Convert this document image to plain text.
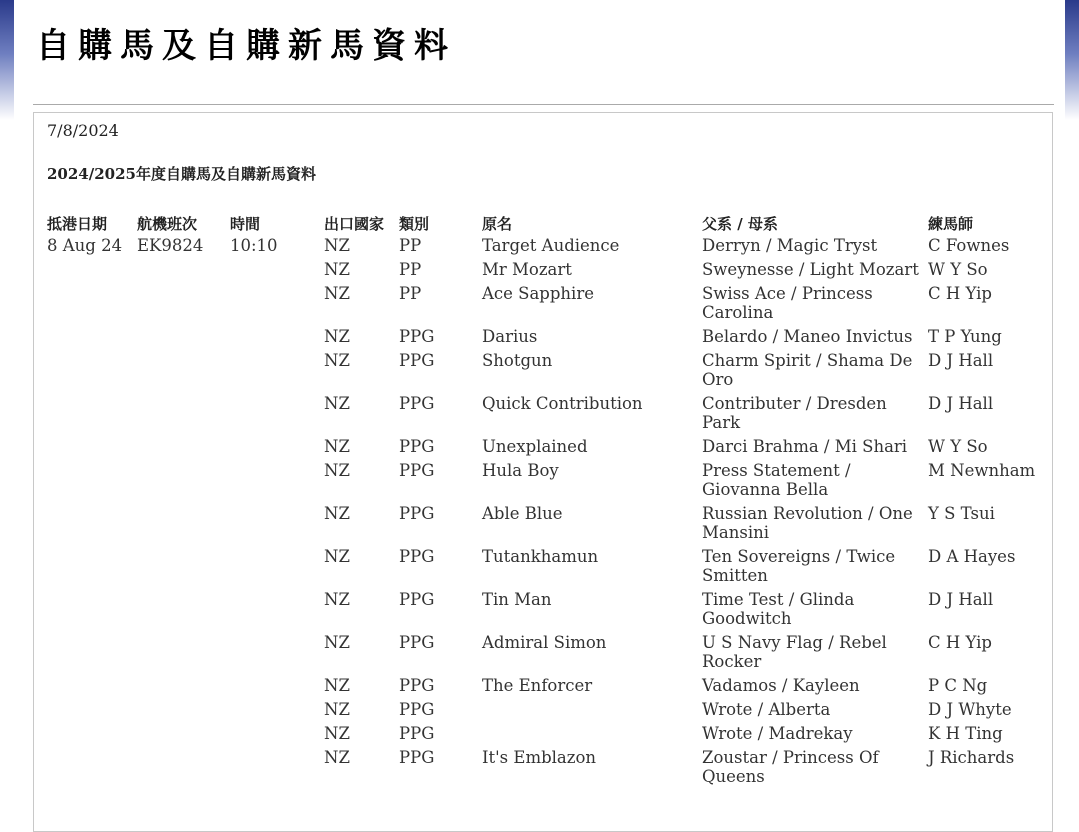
自購馬及自購新馬資料
7/8/2024
2024/2025年度自購馬及自購新馬資料
抵港日期	航機班次	時間	出口國家	類別	原名	父系 / 母系	練馬師
8 Aug 24	EK9824	10:10	NZ	PP	Target Audience	Derryn / Magic Tryst	C Fownes
			NZ	PP	Mr Mozart	Sweynesse / Light Mozart	W Y So
			NZ	PP	Ace Sapphire	Swiss Ace / Princess Carolina	C H Yip
			NZ	PPG	Darius	Belardo / Maneo Invictus	T P Yung
			NZ	PPG	Shotgun	Charm Spirit / Shama De Oro	D J Hall
			NZ	PPG	Quick Contribution	Contributer / Dresden Park	D J Hall
			NZ	PPG	Unexplained	Darci Brahma / Mi Shari	W Y So
			NZ	PPG	Hula Boy	Press Statement / Giovanna Bella	M Newnham
			NZ	PPG	Able Blue	Russian Revolution / One Mansini	Y S Tsui
			NZ	PPG	Tutankhamun	Ten Sovereigns / Twice Smitten	D A Hayes
			NZ	PPG	Tin Man	Time Test / Glinda Goodwitch	D J Hall
			NZ	PPG	Admiral Simon	U S Navy Flag / Rebel Rocker	C H Yip
			NZ	PPG	The Enforcer	Vadamos / Kayleen	P C Ng
			NZ	PPG		Wrote / Alberta	D J Whyte
			NZ	PPG		Wrote / Madrekay	K H Ting
			NZ	PPG	It's Emblazon	Zoustar / Princess Of Queens	J Richards
